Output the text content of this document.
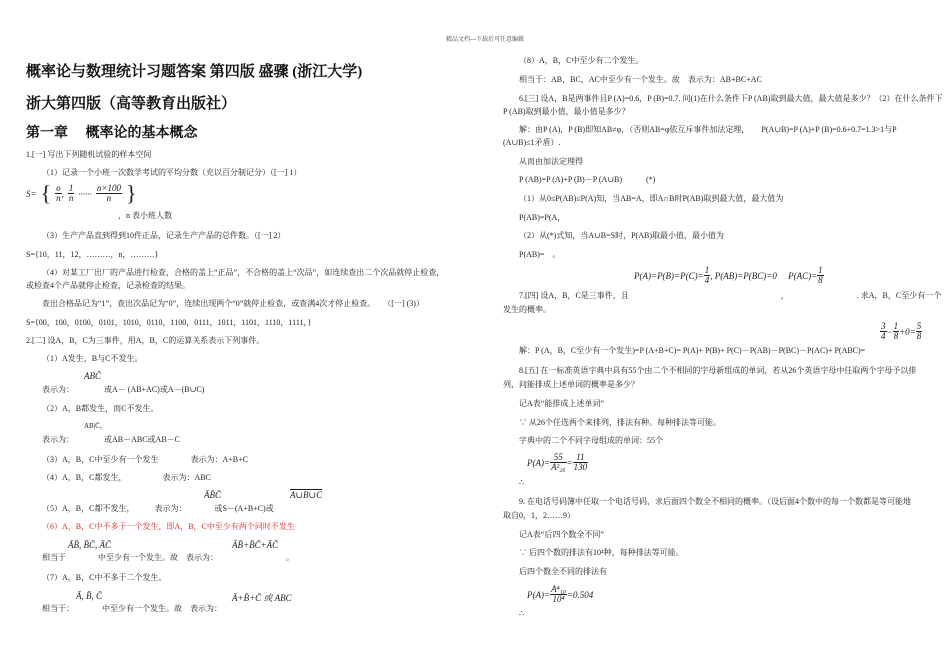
精品文档---下载后可任意编辑
概率论与数理统计习题答案 第四版 盛骤 (浙江大学)
浙大第四版（高等教育出版社）
第一章　 概率论的基本概念
1.[一] 写出下列随机试验的样本空间
（1）记录一个小班一次数学考试的平均分数（充以百分制记分）（[一] 1）
S= { $\frac{o}{n}$ , $\frac{1}{n}$ ······ $\frac{n\times 100}{n}$ }
，n 表小班人数
（3）生产产品直到得到10件正品，记录生产产品的总件数。（[一] 2）
S={10，11，12，………，n，………}
（4）对某工厂出厂的产品进行检查，合格的盖上“正品”，不合格的盖上“次品”，如连续查出二个次品就停止检查，
或检查4个产品就停止检查，记录检查的结果。
查出合格品记为“1”，查出次品记为“0”，连续出现两个“0”就停止检查，或查满4次才停止检查。　　（[一] (3)）
S={00，100，0100，0101，1010，0110，1100，0111，1011，1101，1110，1111，}
2.[二] 设A，B，C为三事件，用A，B，C的运算关系表示下列事件。
（1）A发生，B与C不发生。
ABC̄
表示为：	或A－ (AB+AC)或A－(B∪C)
（2）A，B都发生，而C不发生。
AB|C̄₁
表示为：	或AB－ABC或AB－C
（3）A，B，C中至少有一个发生　　　　表示为：A+B+C
（4）A，B，C都发生，　　　　　表示为：ABC
ĀB̄C̄	A∪B∪C
（5）A，B，C都不发生，　　　表示为：　　　　或S－(A+B+C)或
（6）A，B，C中不多于一个发生，即A，B，C中至少有两个同时不发生
ĀB̄, B̄C̄, ĀC̄	ĀB̄+B̄C̄+ĀC̄
相当于　　　　中至少有一个发生。故　表示为：　　　　　　　　　。
（7）A，B，C中不多于二个发生。
Ā, B̄, C̄	Ā+B̄+C̄ 或 ABC
相当于：　　　　中至少有一个发生。故　表示为：
（8）A，B，C中至少有二个发生。
相当于：AB，BC，AC中至少有一个发生。故　表示为：AB+BC+AC
6.[三] 设A，B是两事件且P (A)=0.6，P (B)=0.7. 问(1)在什么条件下P (AB)取到最大值，最大值是多少？（2）在什么条件下
P (AB)取到最小值，最小值是多少？
解：由P (A)，P (B)即知AB≠φ，（否则AB=φ依互斥事件加法定理，　　P(A∪B)=P (A)+P (B)=0.6+0.7=1.3>1与P
(A∪B)≤1矛盾）.
从而由加法定理得
P (AB)=P (A)+P (B)－P (A∪B)　　　(*)
（1）从0≤P(AB)≤P(A)知，当AB=A，即A∩B时P(AB)取到最大值，最大值为
P(AB)=P(A，
（2）从(*)式知，当A∪B=S时，P(AB)取最小值，最小值为
P(AB)=　。
$P(A)=P(B)=P(C)= \frac{1}{4}$ , P(AB)=P(BC)=0　 $P(AC)= \frac{1}{8}$
7.[四] 设A，B，C是三事件，且　　　　　　　　　　　　　　　　　　　，　　　　　　　　　. 求A，B，C至少有一个
发生的概率。
$\frac{3}{4} - \frac{1}{8} +0= \frac{5}{8}$
解：P (A，B，C至少有一个发生)=P (A+B+C)= P(A)+ P(B)+ P(C)－P(AB)－P(BC)－P(AC)+ P(ABC)=
8.[五] 在一标准英语字典中具有55个由二个不相同的字母新组成的单词，若从26个英语字母中任取两个字母予以排
列，问能排成上述单词的概率是多少？
记A表“能排成上述单词”
∵ 从26个任选两个来排列，排法有种。每种排法等可能。
字典中的二个不同字母组成的单词：55个
$P(A)= \frac{55}{\text{A²₂₆}} = \frac{11}{130}$
∴
9. 在电话号码簿中任取一个电话号码，求后面四个数全不相同的概率。（设后面4个数中的每一个数都是等可能地
取自0，1，2……9）
记A表“后四个数全不同”
∵ 后四个数的排法有10⁴种，每种排法等可能。
后四个数全不同的排法有
$P(A)= \frac{\text{A⁴₁₀}}{\text{10⁴}} =0.504$
∴
